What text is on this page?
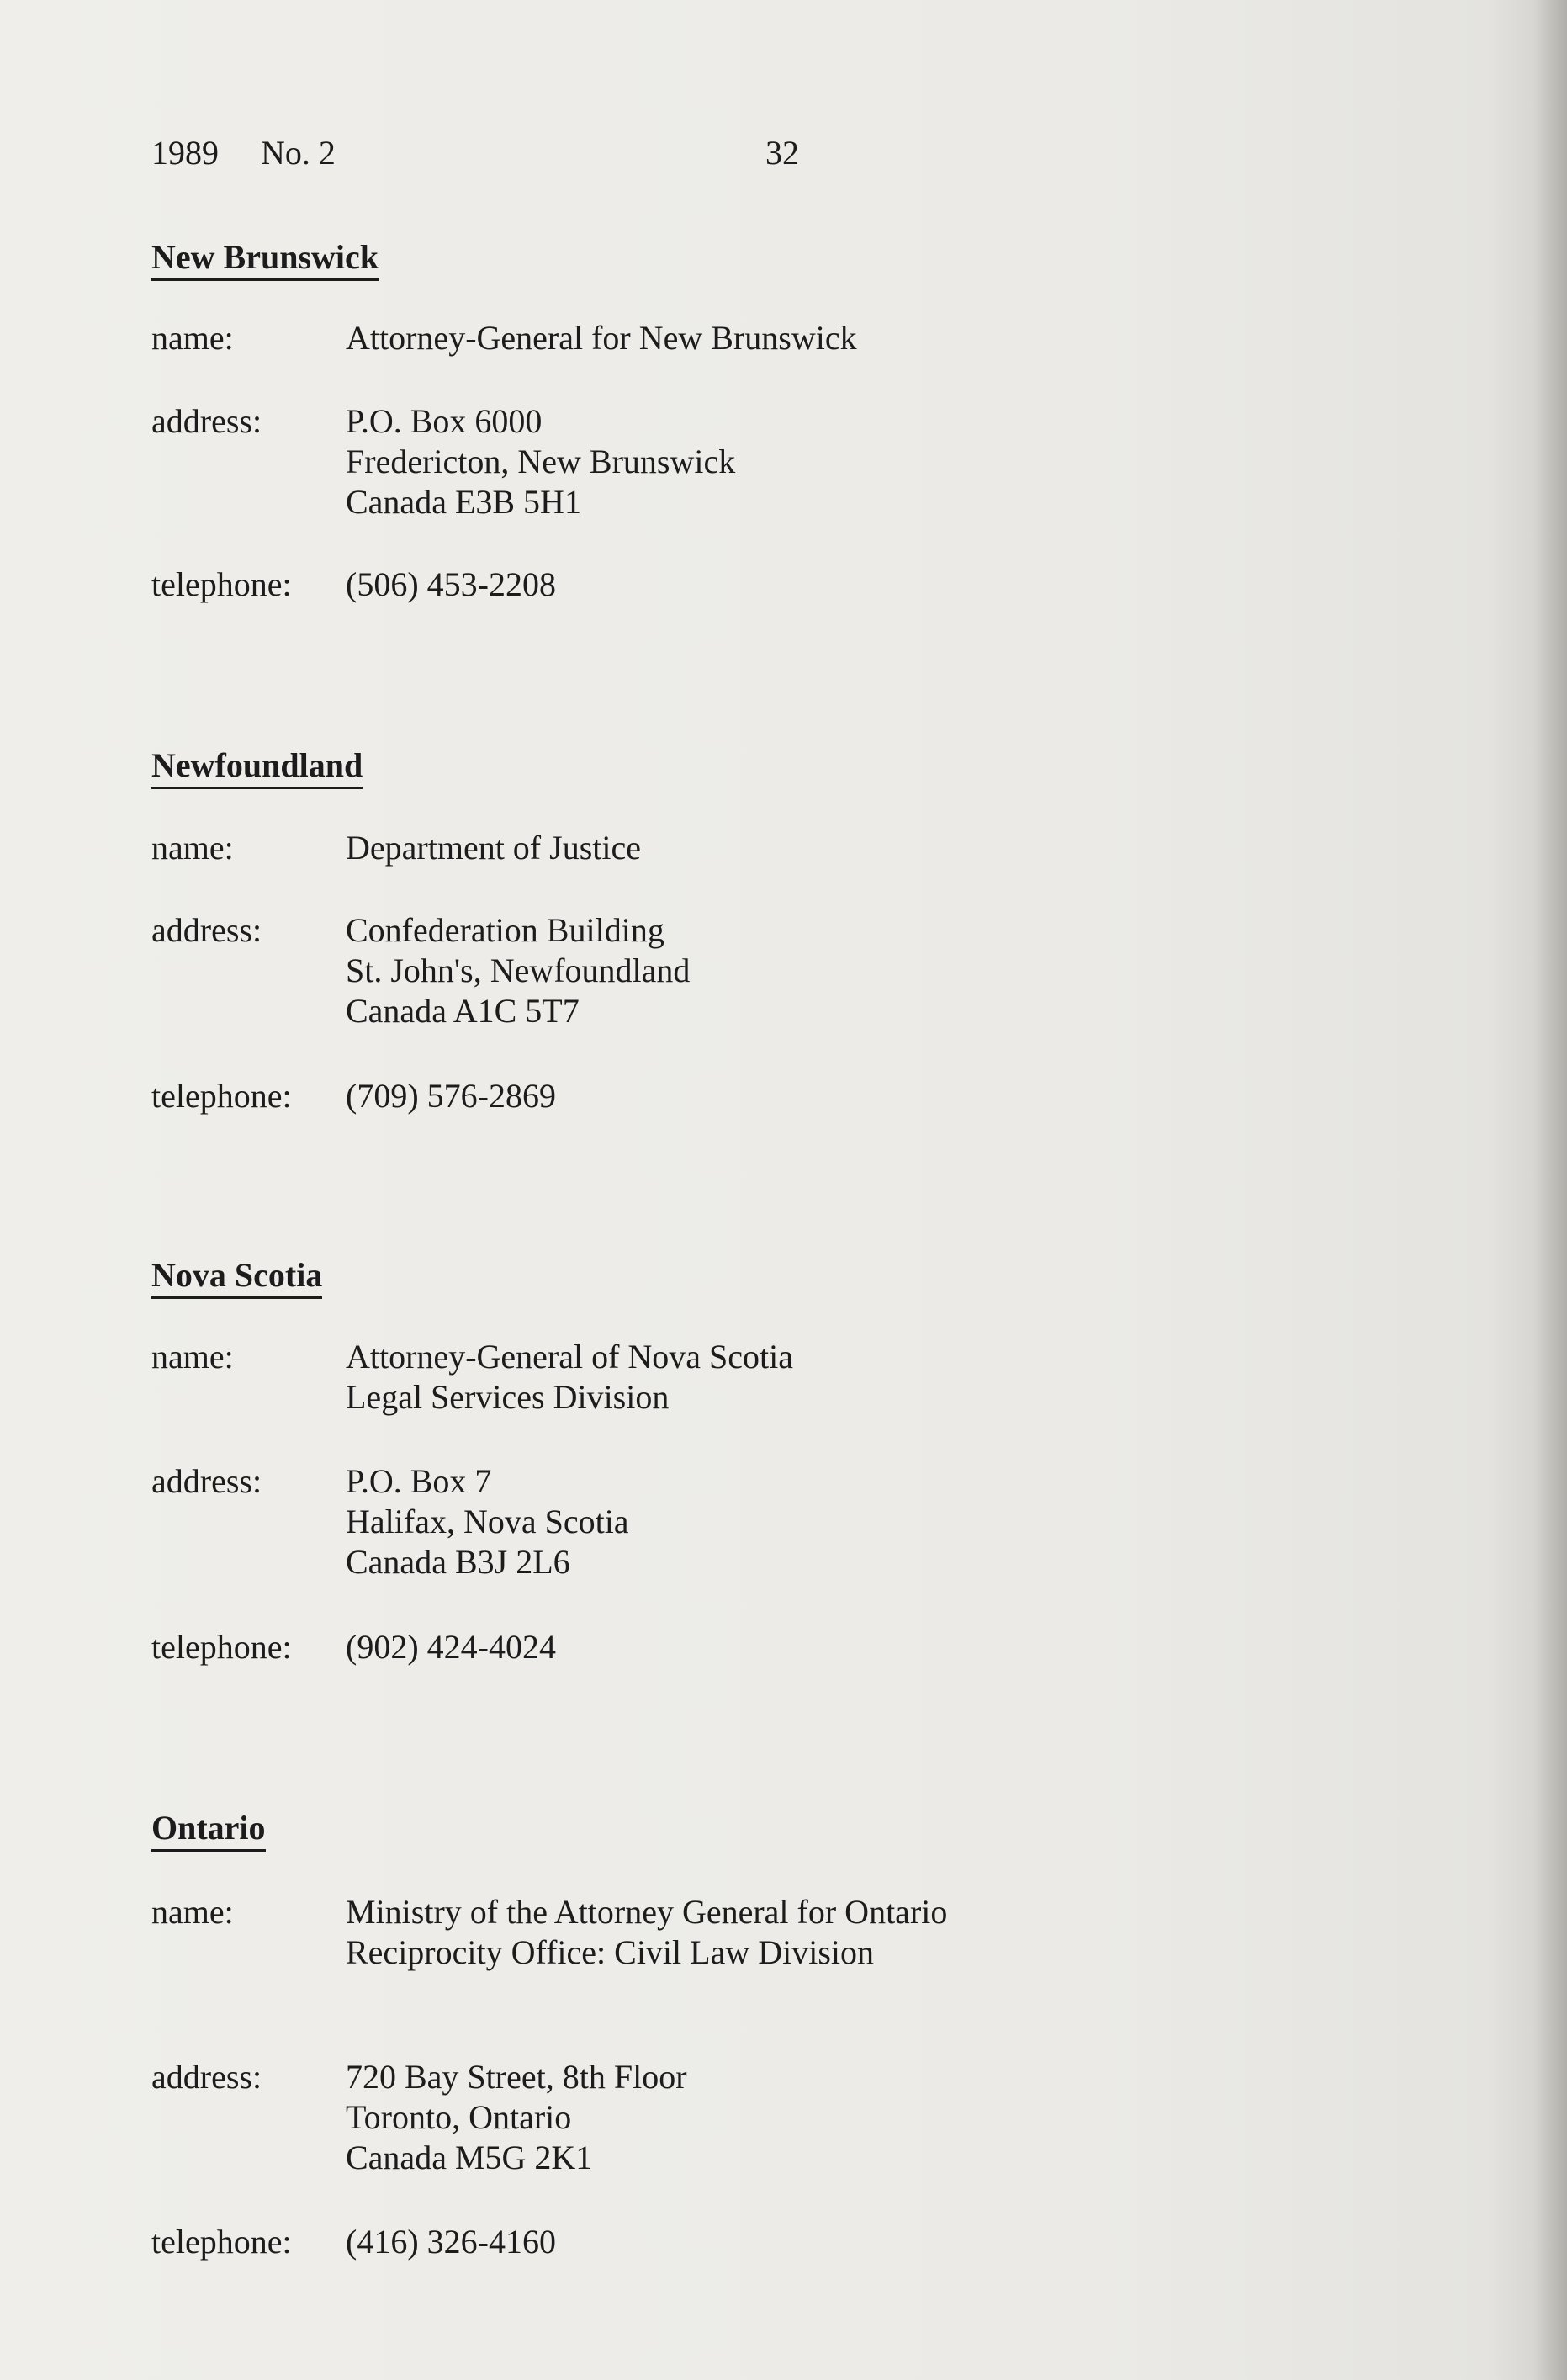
1989 No. 2	32
New Brunswick
name:	Attorney-General for New Brunswick
address: P.O. Box 6000
Fredericton, New Brunswick
Canada E3B 5H1
telephone: (506) 453-2208
Newfoundland
name:	Department of Justice
address: Confederation Building
St. John's, Newfoundland
Canada A1C 5T7
telephone: (709) 576-2869
Nova Scotia
name:	Attorney-General of Nova Scotia
Legal Services Division
address: P.O. Box 7
Halifax, Nova Scotia
Canada B3J 2L6
telephone: (902) 424-4024
Ontario
name:	Ministry of the Attorney General for Ontario
Reciprocity Office: Civil Law Division
address: 720 Bay Street, 8th Floor
Toronto, Ontario
Canada M5G 2K1
telephone: (416) 326-4160
